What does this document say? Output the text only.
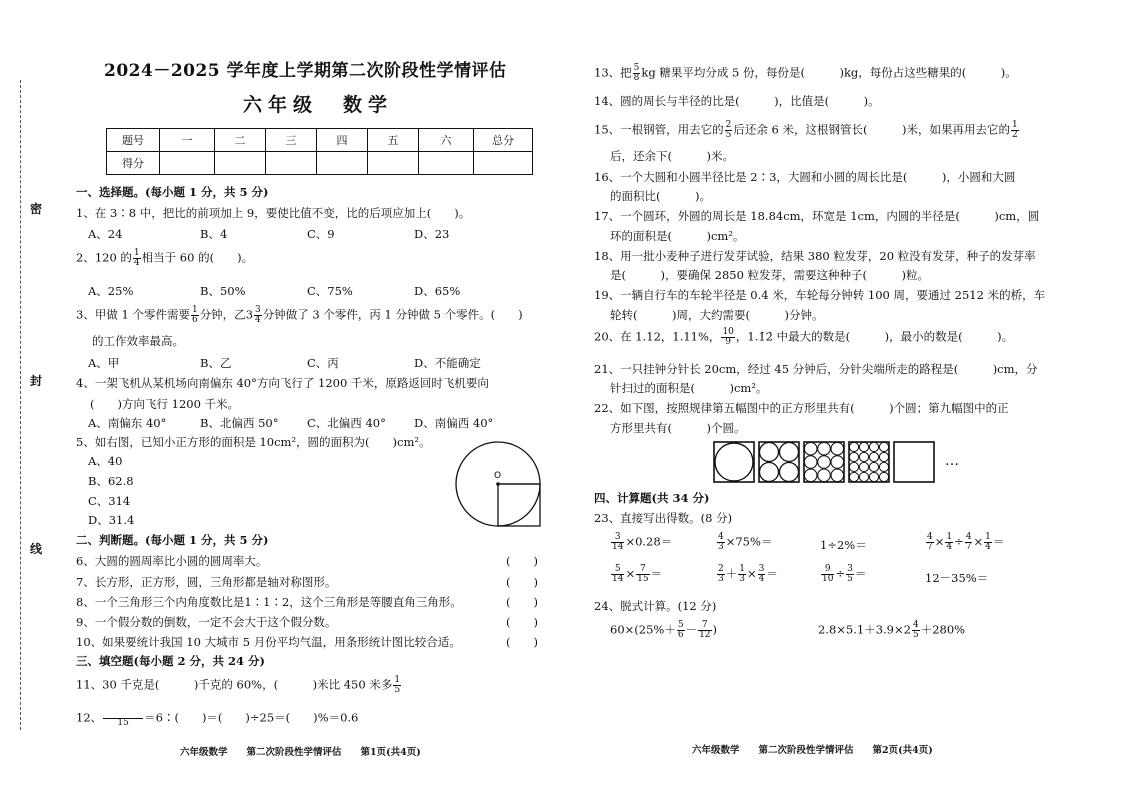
密
封
线
2024－2025 学年度上学期第二次阶段性学情评估
六年级　数学
题号	一	二	三	四	五	六	总分
得分							
一、选择题。(每小题 1 分，共 5 分)
1、在 3∶8 中，把比的前项加上 9，要使比值不变，比的后项应加上(　　)。
A、24	B、4	C、9	D、23
2、120 的 $\frac{1}{4}$ 相当于 60 的(　　)。
A、25%	B、50%	C、75%	D、65%
3、甲做 1 个零件需要 $\frac{1}{6}$ 分钟，乙$3 \frac{3}{4}$ 分钟做了 3 个零件，丙 1 分钟做 5 个零件。(　　)
的工作效率最高。
A、甲	B、乙	C、丙	D、不能确定
4、一架飞机从某机场向南偏东 40°方向飞行了 1200 千米，原路返回时飞机要向
(　　)方向飞行 1200 千米。
A、南偏东 40°	B、北偏西 50° C、北偏西 40° D、南偏西 40°
5、如右图，已知小正方形的面积是 10cm²，圆的面积为(　　)cm²。
A、40
B、62.8
C、314
D、31.4
O
二、判断题。(每小题 1 分，共 5 分)
6、大圆的圆周率比小圆的圆周率大。	(　　)
7、长方形，正方形，圆，三角形都是轴对称图形。	(　　)
8、一个三角形三个内角度数比是1∶1∶2，这个三角形是等腰直角三角形。	(　　)
9、一个假分数的倒数，一定不会大于这个假分数。	(　　)
10、如果要统计我国 10 大城市 5 月份平均气温，用条形统计图比较合适。	(　　)
三、填空题(每小题 2 分，共 24 分)
11、30 千克是(　　　)千克的 60%，(　　　)米比 450 米多 $\frac{1}{5}$
12、
	15	＝6∶(　　)＝(　　)÷25＝(　　)%＝0.6
六年级数学　　第二次阶段性学情评估　　第1页(共4页)
13、把 $\frac{5}{8}$ kg 糖果平均分成 5 份，每份是(　　　)kg，每份占这些糖果的(　　　)。
14、圆的周长与半径的比是(　　　)，比值是(　　　)。
15、一根钢管，用去它的 $\frac{2}{5}$ 后还余 6 米，这根钢管长(　　　)米，如果再用去它的 $\frac{1}{2}$
后，还余下(　　　)米。
16、一个大圆和小圆半径比是 2∶3，大圆和小圆的周长比是(　　　)，小圆和大圆
的面积比(　　　)。
17、一个圆环，外圆的周长是 18.84cm，环宽是 1cm，内圆的半径是(　　　)cm，圆
环的面积是(　　　)cm²。
18、用一批小麦种子进行发芽试验，结果 380 粒发芽，20 粒没有发芽，种子的发芽率
是(　　　)，要确保 2850 粒发芽，需要这种种子(　　　)粒。
19、一辆自行车的车轮半径是 0.4 米，车轮每分钟转 100 周，要通过 2512 米的桥，车
轮转(　　　)周，大约需要(　　　)分钟。
20、在 1.12，1.11%， $\frac{10}{9}$ ，1.1̇2̇ 中最大的数是(　　　)，最小的数是(　　　)。
21、一只挂钟分针长 20cm，经过 45 分钟后，分针尖端所走的路程是(　　　)cm，分
针扫过的面积是(　　　)cm²。
22、如下图，按照规律第五幅图中的正方形里共有(　　　)个圆；第九幅图中的正
方形里共有(　　　)个圆。
…
四、计算题(共 34 分)
23、直接写出得数。(8 分)
$\frac{3}{14} \times 0.28=$	$\frac{4}{3} \times 75\%=$	1÷2%＝	$\frac{4}{7} \times \frac{1}{4} \div \frac{4}{7} \times \frac{1}{4}$ ＝
$\frac{5}{14} \times \frac{7}{15}$ ＝	$\frac{2}{3} + \frac{1}{3} \times \frac{3}{4}$ ＝	$\frac{9}{10} \div \frac{3}{5}$ ＝	12－35%＝
24、脱式计算。(12 分)
$60\times(25\%+ \frac{5}{6} - \frac{7}{12}$ )	$2.8\times 5.1+3.9\times 2 \frac{4}{5} +280\%$
六年级数学　　第二次阶段性学情评估　　第2页(共4页)
